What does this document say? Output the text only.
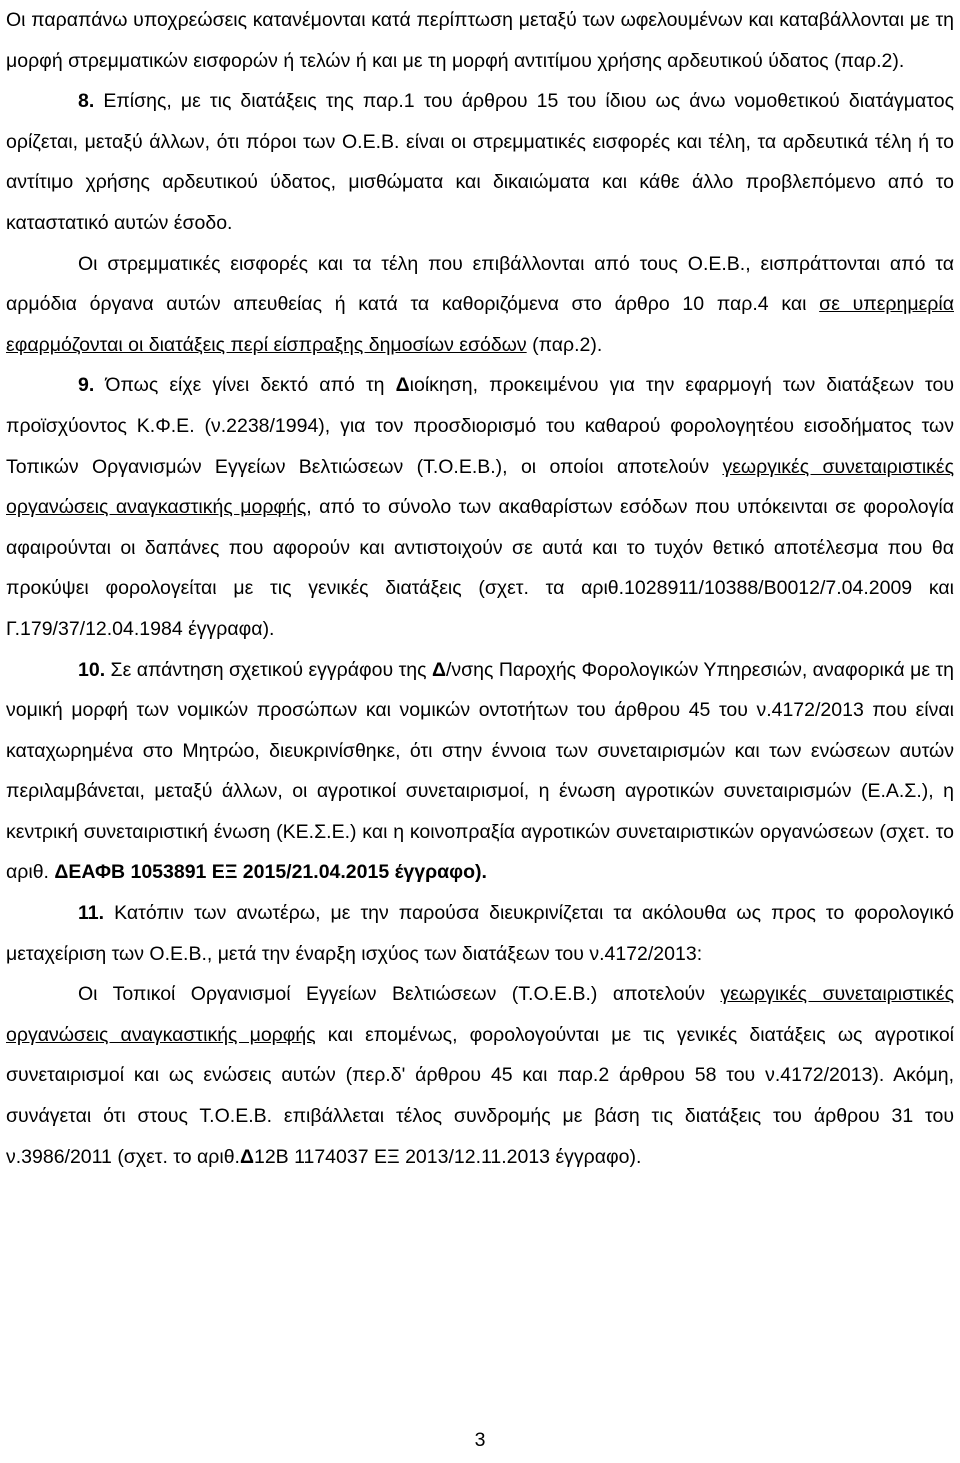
Οι παραπάνω υποχρεώσεις κατανέμονται κατά περίπτωση μεταξύ των ωφελουμένων και καταβάλλονται με τη μορφή στρεμματικών εισφορών ή τελών ή και με τη μορφή αντιτίμου χρήσης αρδευτικού ύδατος (παρ.2).

8. Επίσης, με τις διατάξεις της παρ.1 του άρθρου 15 του ίδιου ως άνω νομοθετικού διατάγματος ορίζεται, μεταξύ άλλων, ότι πόροι των Ο.Ε.Β. είναι οι στρεμματικές εισφορές και τέλη, τα αρδευτικά τέλη ή το αντίτιμο χρήσης αρδευτικού ύδατος, μισθώματα και δικαιώματα και κάθε άλλο προβλεπόμενο από το καταστατικό αυτών έσοδο.

Οι στρεμματικές εισφορές και τα τέλη που επιβάλλονται από τους Ο.Ε.Β., εισπράττονται από τα αρμόδια όργανα αυτών απευθείας ή κατά τα καθοριζόμενα στο άρθρο 10 παρ.4 και σε υπερημερία εφαρμόζονται οι διατάξεις περί είσπραξης δημοσίων εσόδων (παρ.2).

9. Όπως είχε γίνει δεκτό από τη Διοίκηση, προκειμένου για την εφαρμογή των διατάξεων του προϊσχύοντος Κ.Φ.Ε. (ν.2238/1994), για τον προσδιορισμό του καθαρού φορολογητέου εισοδήματος των Τοπικών Οργανισμών Εγγείων Βελτιώσεων (Τ.Ο.Ε.Β.), οι οποίοι αποτελούν γεωργικές συνεταιριστικές οργανώσεις αναγκαστικής μορφής, από το σύνολο των ακαθαρίστων εσόδων που υπόκεινται σε φορολογία αφαιρούνται οι δαπάνες που αφορούν και αντιστοιχούν σε αυτά και το τυχόν θετικό αποτέλεσμα που θα προκύψει φορολογείται με τις γενικές διατάξεις (σχετ. τα αριθ.1028911/10388/Β0012/7.04.2009 και Γ.179/37/12.04.1984 έγγραφα).

10. Σε απάντηση σχετικού εγγράφου της Δ/νσης Παροχής Φορολογικών Υπηρεσιών, αναφορικά με τη νομική μορφή των νομικών προσώπων και νομικών οντοτήτων του άρθρου 45 του ν.4172/2013 που είναι καταχωρημένα στο Μητρώο, διευκρινίσθηκε, ότι στην έννοια των συνεταιρισμών και των ενώσεων αυτών περιλαμβάνεται, μεταξύ άλλων, οι αγροτικοί συνεταιρισμοί, η ένωση αγροτικών συνεταιρισμών (Ε.Α.Σ.), η κεντρική συνεταιριστική ένωση (ΚΕ.Σ.Ε.) και η κοινοπραξία αγροτικών συνεταιριστικών οργανώσεων (σχετ. το αριθ. ΔΕΑΦΒ 1053891 ΕΞ 2015/21.04.2015 έγγραφο).

11. Κατόπιν των ανωτέρω, με την παρούσα διευκρινίζεται τα ακόλουθα ως προς το φορολογικό μεταχείριση των Ο.Ε.Β., μετά την έναρξη ισχύος των διατάξεων του ν.4172/2013:

Οι Τοπικοί Οργανισμοί Εγγείων Βελτιώσεων (Τ.Ο.Ε.Β.) αποτελούν γεωργικές συνεταιριστικές οργανώσεις αναγκαστικής μορφής και επομένως, φορολογούνται με τις γενικές διατάξεις ως αγροτικοί συνεταιρισμοί και ως ενώσεις αυτών (περ.δ' άρθρου 45 και παρ.2 άρθρου 58 του ν.4172/2013). Ακόμη, συνάγεται ότι στους Τ.Ο.Ε.Β. επιβάλλεται τέλος συνδρομής με βάση τις διατάξεις του άρθρου 31 του ν.3986/2011 (σχετ. το αριθ.Δ12Β 1174037 ΕΞ 2013/12.11.2013 έγγραφο).

3
